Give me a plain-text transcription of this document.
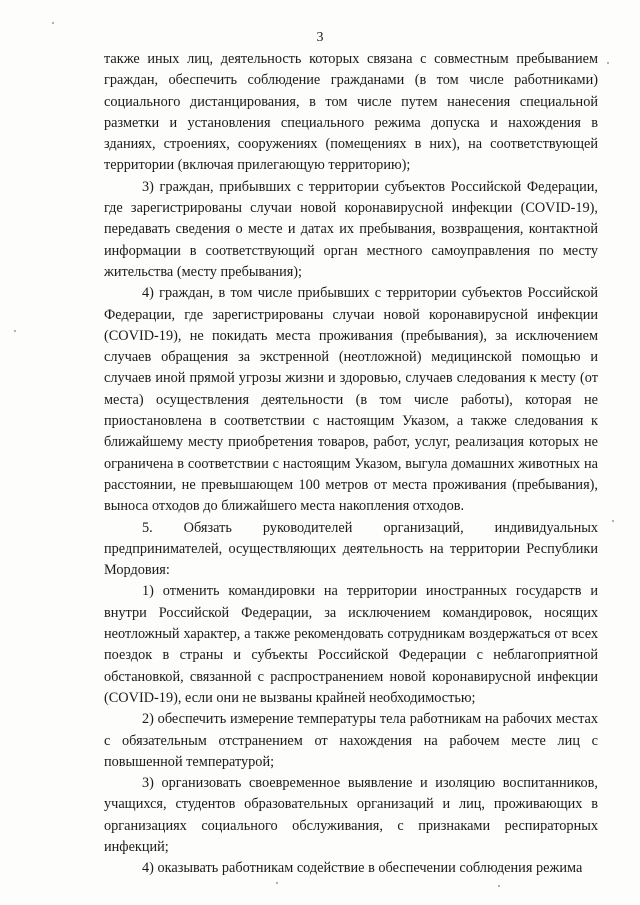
3

также иных лиц, деятельность которых связана с совместным пребыванием граждан, обеспечить соблюдение гражданами (в том числе работниками) социального дистанцирования, в том числе путем нанесения специальной разметки и установления специального режима допуска и нахождения в зданиях, строениях, сооружениях (помещениях в них), на соответствующей территории (включая прилегающую территорию);

3) граждан, прибывших с территории субъектов Российской Федерации, где зарегистрированы случаи новой коронавирусной инфекции (COVID-19), передавать сведения о месте и датах их пребывания, возвращения, контактной информации в соответствующий орган местного самоуправления по месту жительства (месту пребывания);

4) граждан, в том числе прибывших с территории субъектов Российской Федерации, где зарегистрированы случаи новой коронавирусной инфекции (COVID-19), не покидать места проживания (пребывания), за исключением случаев обращения за экстренной (неотложной) медицинской помощью и случаев иной прямой угрозы жизни и здоровью, случаев следования к месту (от места) осуществления деятельности (в том числе работы), которая не приостановлена в соответствии с настоящим Указом, а также следования к ближайшему месту приобретения товаров, работ, услуг, реализация которых не ограничена в соответствии с настоящим Указом, выгула домашних животных на расстоянии, не превышающем 100 метров от места проживания (пребывания), выноса отходов до ближайшего места накопления отходов.

5. Обязать руководителей организаций, индивидуальных предпринимателей, осуществляющих деятельность на территории Республики Мордовия:

1) отменить командировки на территории иностранных государств и внутри Российской Федерации, за исключением командировок, носящих неотложный характер, а также рекомендовать сотрудникам воздержаться от всех поездок в страны и субъекты Российской Федерации с неблагоприятной обстановкой, связанной с распространением новой коронавирусной инфекции (COVID-19), если они не вызваны крайней необходимостью;

2) обеспечить измерение температуры тела работникам на рабочих местах с обязательным отстранением от нахождения на рабочем месте лиц с повышенной температурой;

3) организовать своевременное выявление и изоляцию воспитанников, учащихся, студентов образовательных организаций и лиц, проживающих в организациях социального обслуживания, с признаками респираторных инфекций;

4) оказывать работникам содействие в обеспечении соблюдения режима
